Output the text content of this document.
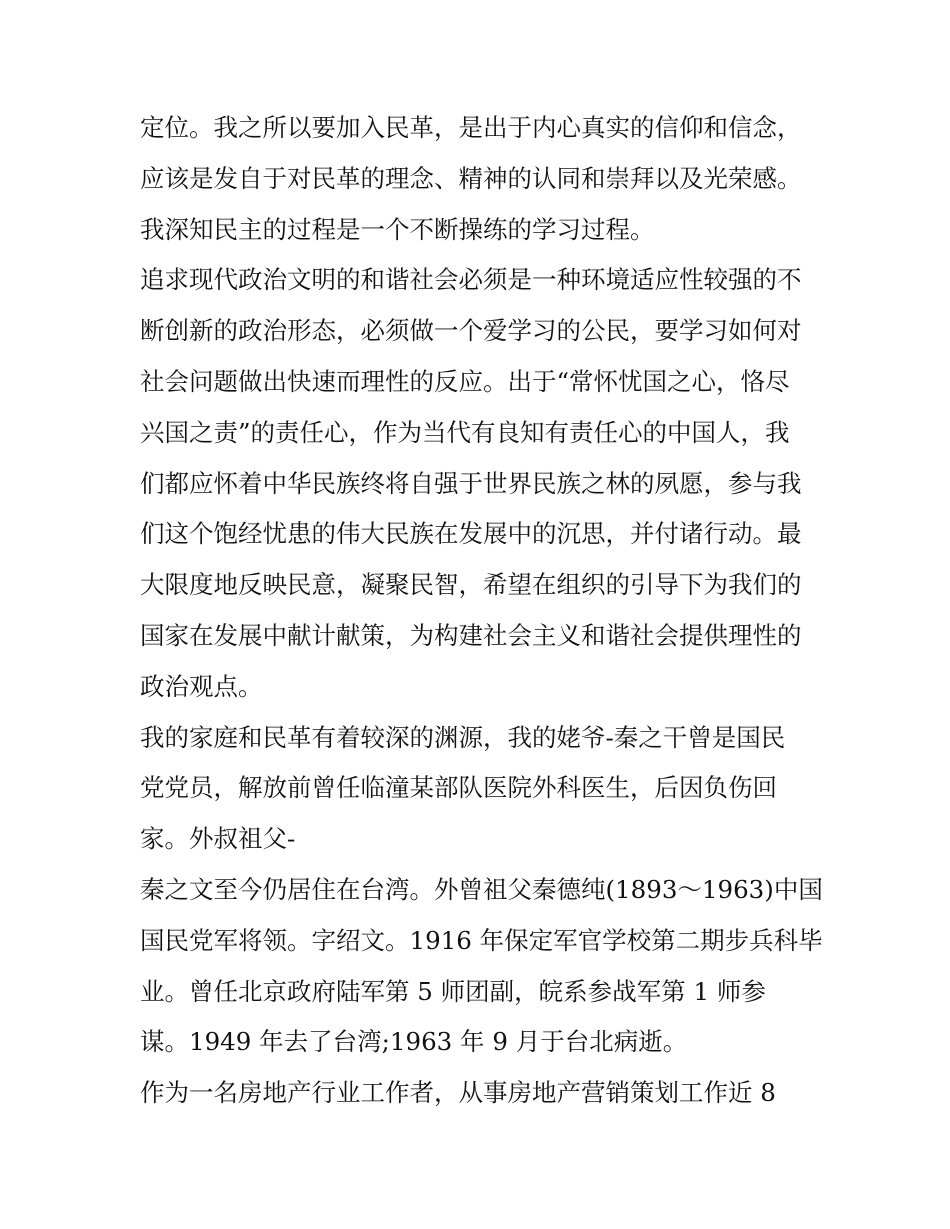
定位。我之所以要加入民革，是出于内心真实的信仰和信念，
应该是发自于对民革的理念、精神的认同和崇拜以及光荣感。
我深知民主的过程是一个不断操练的学习过程。
追求现代政治文明的和谐社会必须是一种环境适应性较强的不
断创新的政治形态，必须做一个爱学习的公民，要学习如何对
社会问题做出快速而理性的反应。出于“常怀忧国之心，恪尽
兴国之责”的责任心，作为当代有良知有责任心的中国人，我
们都应怀着中华民族终将自强于世界民族之林的夙愿，参与我
们这个饱经忧患的伟大民族在发展中的沉思，并付诸行动。最
大限度地反映民意，凝聚民智，希望在组织的引导下为我们的
国家在发展中献计献策，为构建社会主义和谐社会提供理性的
政治观点。
我的家庭和民革有着较深的渊源，我的姥爷-秦之干曾是国民
党党员，解放前曾任临潼某部队医院外科医生，后因负伤回
家。外叔祖父-
秦之文至今仍居住在台湾。外曾祖父秦德纯(1893～1963)中国
国民党军将领。字绍文。1916 年保定军官学校第二期步兵科毕
业。曾任北京政府陆军第 5 师团副，皖系参战军第 1 师参
谋。1949 年去了台湾;1963 年 9 月于台北病逝。
作为一名房地产行业工作者，从事房地产营销策划工作近 8
